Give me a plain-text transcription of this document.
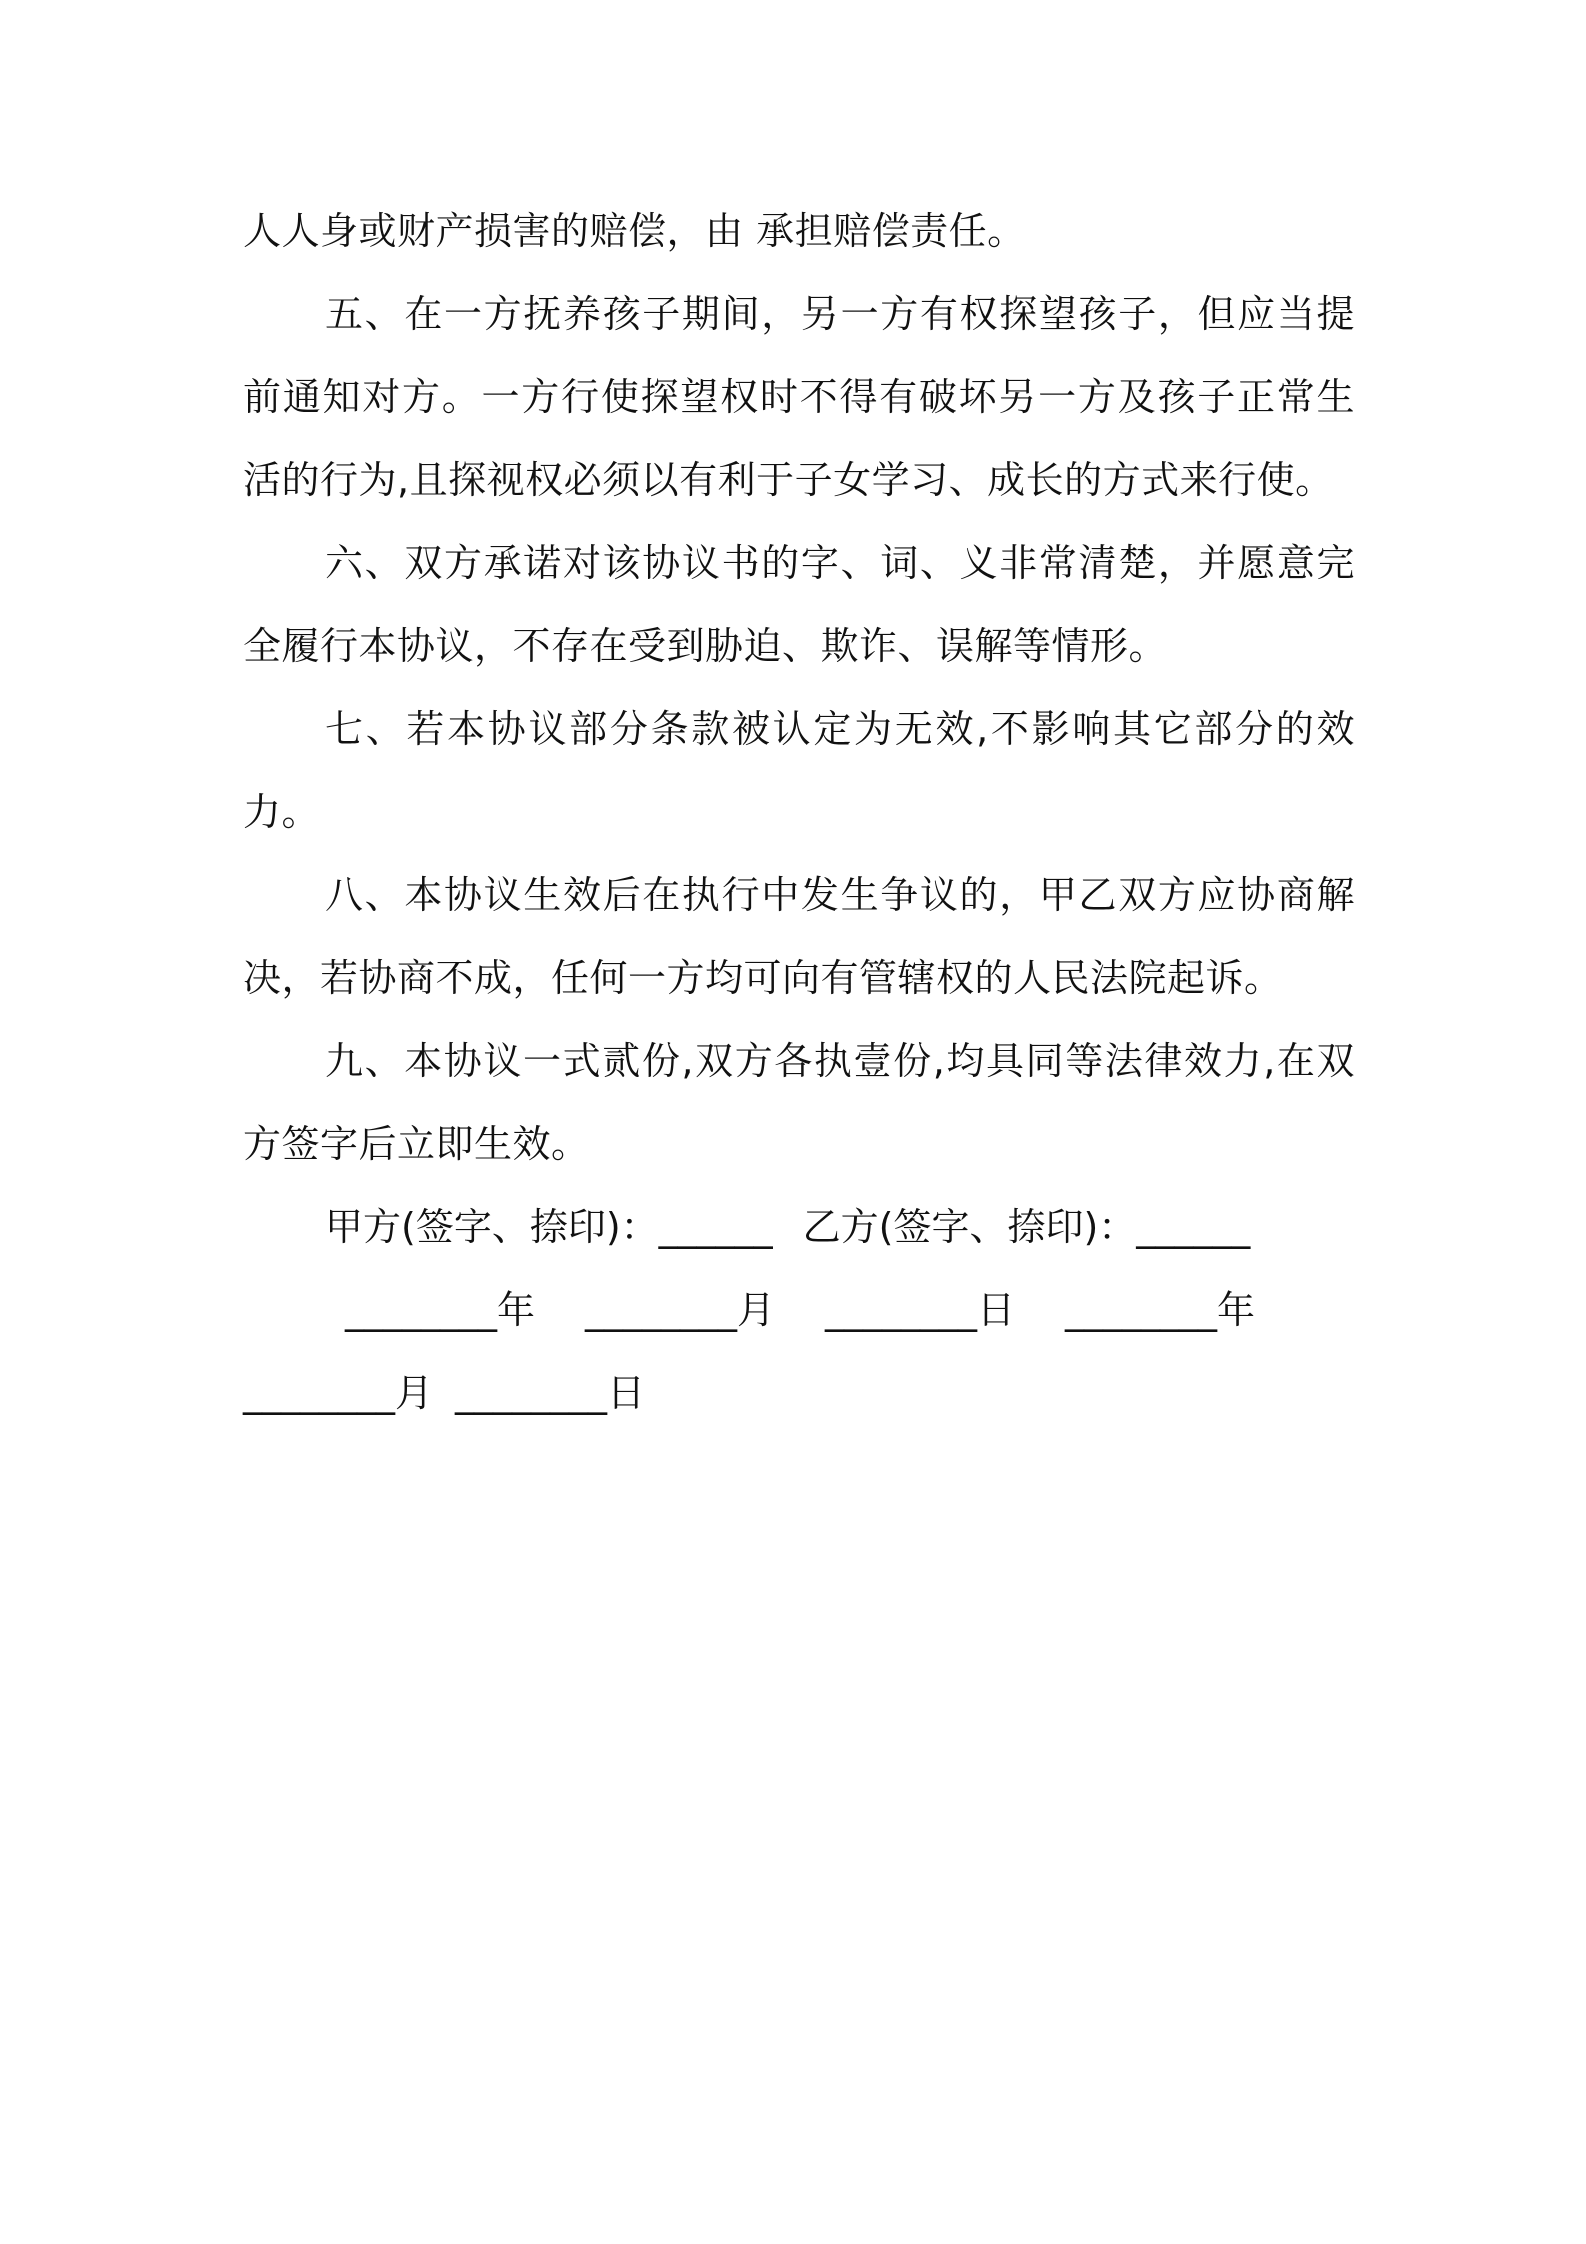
人人身或财产损害的赔偿，由 承担赔偿责任。

五、在一方抚养孩子期间，另一方有权探望孩子，但应当提前通知对方。一方行使探望权时不得有破坏另一方及孩子正常生活的行为,且探视权必须以有利于子女学习、成长的方式来行使。

六、双方承诺对该协议书的字、词、义非常清楚，并愿意完全履行本协议，不存在受到胁迫、欺诈、误解等情形。

七、若本协议部分条款被认定为无效,不影响其它部分的效力。

八、本协议生效后在执行中发生争议的，甲乙双方应协商解决，若协商不成，任何一方均可向有管辖权的人民法院起诉。

九、本协议一式贰份,双方各执壹份,均具同等法律效力,在双方签字后立即生效。

甲方(签字、捺印)：______ 乙方(签字、捺印)：______

________年 ________月 ________日 ________年

________月 ________日
